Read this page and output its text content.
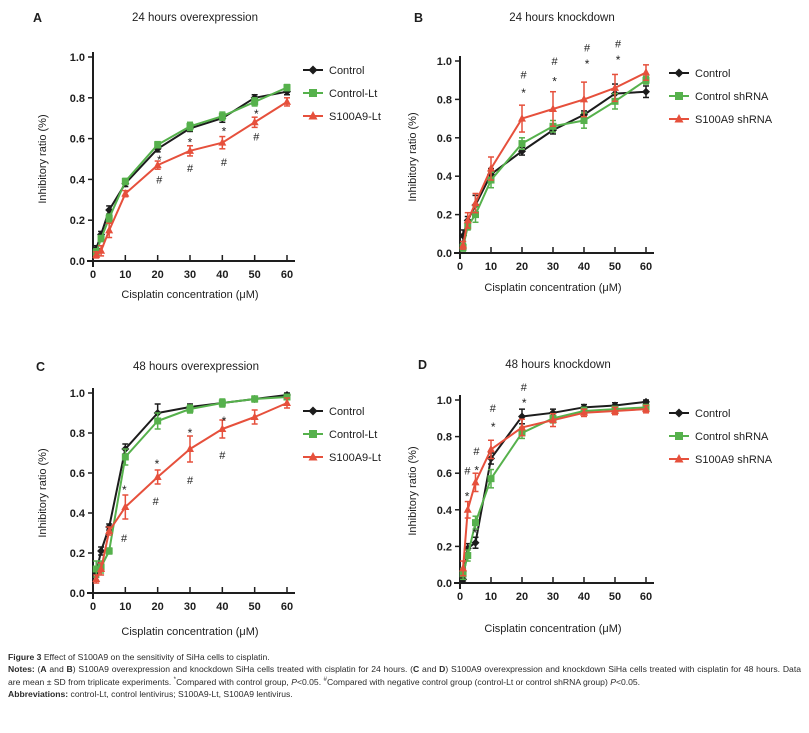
A	24 hours overexpression
0 10 20 30 40 50 60
0.0
0.2
0.4
0.6
0.8
1.0
Cisplatin concentration (μM)
Inhibitory ratio (%)	*
#
*
#
*
#
*
#
Control
Control-Lt
S100A9-Lt
B	24 hours knockdown
0 10 20 30 40 50 60
0.0
0.2
0.4
0.6
0.8
1.0
Cisplatin concentration (μM)
Inhibitory ratio (%)
*
# *
# *
#
*
#
Control
Control shRNA
S100A9 shRNA
C	48 hours overexpression
0 10 20 30 40 50 60
0.0
0.2
0.4
0.6
0.8
1.0
Cisplatin concentration (μM)
Inhibitory ratio (%)	*
#
*
#
*
#
*
#
Control
Control-Lt
S100A9-Lt
D	48 hours knockdown
0 10 20 30 40 50 60
0.0
0.2
0.4
0.6
0.8
1.0
Cisplatin concentration (μM)
Inhibitory ratio (%)	*
#
*
*
#
*
# *
#
Control
Control shRNA
S100A9 shRNA

Figure 3 Effect of S100A9 on the sensitivity of SiHa cells to cisplatin.

Notes: (A and B) S100A9 overexpression and knockdown SiHa cells treated with cisplatin for 24 hours. (C and D) S100A9 overexpression and knockdown SiHa cells treated with cisplatin for 48 hours. Data are mean ± SD from triplicate experiments. *Compared with control group, P<0.05. #Compared with negative control group (control-Lt or control shRNA group) P<0.05.

Abbreviations: control-Lt, control lentivirus; S100A9-Lt, S100A9 lentivirus.
